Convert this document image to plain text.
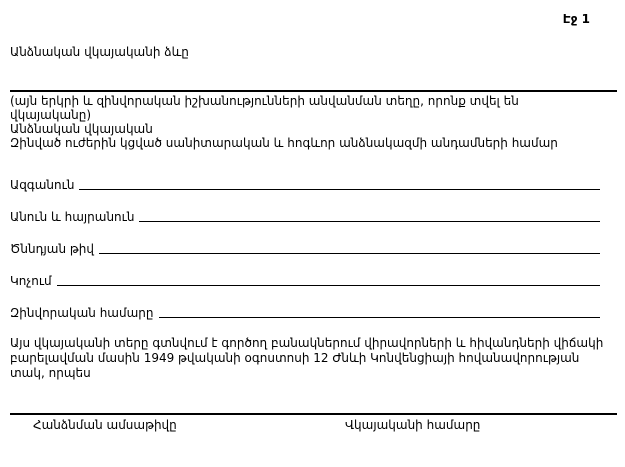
Էջ 1
Անձնական վկայականի ձևը
(այն երկրի և զինվորական իշխանությունների անվանման տեղը, որոնք տվել են
վկայականը)
Անձնական վկայական
Զինված ուժերին կցված սանիտարական և հոգևոր անձնակազմի անդամների համար
Ազգանուն
Անուն և հայրանուն
Ծննդյան թիվ
Կոչում
Զինվորական համարը
Այս վկայականի տերը գտնվում է գործող բանակներում վիրավորների և հիվանդների վիճակի
բարելավման մասին 1949 թվականի օգոստոսի 12 Ժնևի Կոնվենցիայի հովանավորության
տակ, որպես
Հանձնման ամսաթիվը	Վկայականի համարը
